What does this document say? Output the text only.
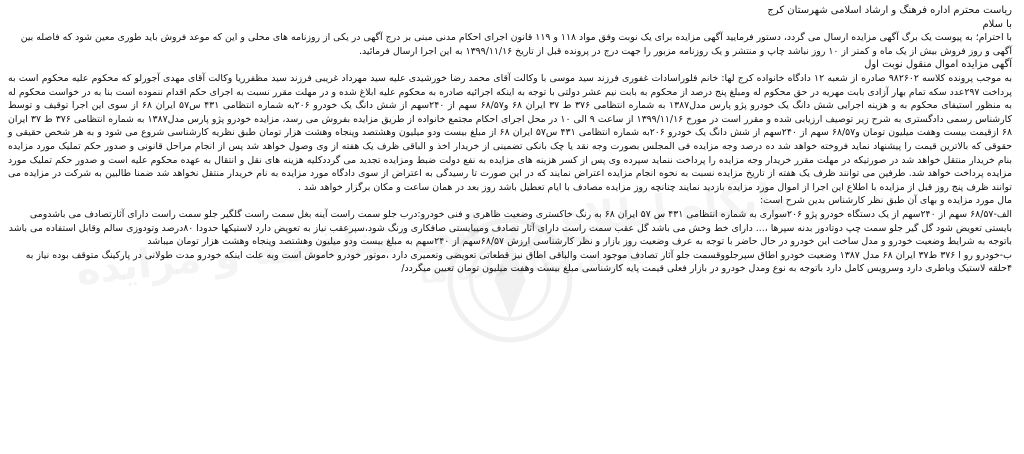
ریاست محترم اداره فرهنگ و ارشاد اسلامی شهرستان کرج

با سلام

با احترام؛ به پیوست یک برگ آگهی مزایده ارسال می گردد، دستور فرمایید آگهی مزایده برای یک نوبت وفق مواد ۱۱۸ و ۱۱۹ قانون اجرای احکام مدنی مبنی بر درج آگهی در یکی از روزنامه های محلی و این که موعد فروش باید طوری معین شود که فاصله بین آگهی و روز فروش بیش از یک ماه و کمتر از ۱۰ روز نباشد چاپ و منتشر و یک روزنامه مزبور را جهت درج در پرونده قبل از تاریخ ۱۳۹۹/۱۱/۱۶ به این اجرا ارسال فرمائید.

آگهی مزایده اموال منقول نوبت اول

به موجب پرونده کلاسه ۹۸۲۶۰۲ صادره از شعبه ۱۲ دادگاه خانواده کرج لها: خانم فلوراسادات غفوری فرزند سید موسی با وکالت آقای محمد رضا خورشیدی علیه سید مهرداد غریبی فرزند سید مظفرریا وکالت آقای مهدی آجورلو که محکوم علیه محکوم است به پرداخت ۲۹۷عدد سکه تمام بهار آزادی بابت مهریه در حق محکوم له ومبلغ پنج درصد از محکوم به بابت نیم عشر دولتی با توجه به اینکه اجرائیه صادره به محکوم علیه ابلاغ شده و در مهلت مقرر نسبت به اجرای حکم اقدام ننموده است بنا به در خواست محکوم له به منظور استیفای محکوم به و هزینه اجرایی شش دانگ یک خودرو پژو پارس مدل۱۳۸۷ به شماره انتظامی ۳۷۶ ط ۳۷ ایران ۶۸ و۶۸/۵۷ سهم از ۲۴۰سهم از شش دانگ یک خودرو ۲۰۶به شماره انتظامی ۴۳۱ س۵۷ ایران ۶۸ از سوی این اجرا توقیف و توسط کارشناس رسمی دادگستری به شرح زیر توصیف ارزیابی شده و مقرر است در مورخ ۱۳۹۹/۱۱/۱۶ از ساعت ۹ الی ۱۰ در محل اجرای احکام مجتمع خانواده از طریق مزایده بفروش می رسد، مزایده خودرو پژو پارس مدل۱۳۸۷ به شماره انتظامی ۳۷۶ ط ۳۷ ایران ۶۸ ازقیمت بیست وهفت میلیون تومان و۶۸/۵۷ سهم از ۲۴۰سهم از شش دانگ یک خودرو ۲۰۶به شماره انتظامی ۴۳۱ س۵۷ ایران ۶۸ از مبلغ بیست ودو میلیون وهشتصد وپنجاه وهشت هزار تومان طبق نظریه کارشناسی شروع می شود و به هر شخص حقیقی و حقوقی که بالاترین قیمت را پیشنهاد نماید فروخته خواهد شد ده درصد وجه مزایده فی المجلس بصورت وجه نقد یا چک بانکی تضمینی از خریدار اخذ و الباقی ظرف یک هفته از وی وصول خواهد شد پس از انجام مراحل قانونی و صدور حکم تملیک مورد مزایده بنام خریدار منتقل خواهد شد در صورتیکه در مهلت مقرر خریدار وجه مزایده را پرداخت ننماید سپرده وی پس از کسر هزینه های مزایده به نفع دولت ضبط ومزایده تجدید می گرددکلیه هزینه های نقل و انتقال به عهده محکوم علیه است و صدور حکم تملیک مورد مزایده پرداخت خواهد شد. طرفین می توانند ظرف یک هفته از تاریخ مزایده نسبت به نحوه انجام مزایده اعتراض نمایند که در این صورت تا رسیدگی به اعتراض از سوی دادگاه مورد مزایده به نام خریدار منتقل نخواهد شد ضمنا طالبین به شرکت در مزایده می توانند ظرف پنج روز قبل از مزایده با اطلاع این اجرا از اموال مورد مزایده بازدید نمایند چنانچه روز مزایده مصادف با ایام تعطیل باشد روز بعد در همان ساعت و مکان برگزار خواهد شد .

مال مورد مزایده و بهای آن طبق نظر کارشناس بدین شرح است:

الف-۶۸/۵۷ سهم از ۲۴۰سهم از یک دستگاه خودرو پژو ۲۰۶سواری به شماره انتظامی ۴۳۱ س ۵۷ ایران ۶۸ به رنگ خاکستری وضعیت ظاهری و فنی خودرو:درب جلو سمت راست آینه بغل سمت راست گلگیر جلو سمت راست دارای آثارتصادف می باشدومی بایستی تعویض شود گل گیر جلو سمت چپ دوتادور بدنه سپرها ،... دارای خط وخش می باشد گل عقب سمت راست دارای آثار تصادف ومیبایستی صافکاری ورنگ شود،سپرعقب نیاز به تعویض دارد لاستیکها حدودا ۸۰درصد وتودوزی سالم وقابل استفاده می باشد باتوجه به شرایط وضعیت خودرو و مدل ساخت این خودرو در حال حاضر با توجه به عرف وضعیت روز بازار و نظر کارشناسی ارزش ۶۸/۵۷سهم از ۲۴۰سهم به مبلغ بیست ودو میلیون وهشتصد وپنجاه وهشت هزار تومان میباشد

ب-خودرو رو ا ۳۷۶ ط۳۷ ایران ۶۸ مدل ۱۳۸۷ وضعیت خودرو اطاق سپرجلووقسمت جلو آثار تصادف موجود است والباقی اطاق نیز قطعاتی تعویضی وتعمیری دارد ،موتور خودرو خاموش است وبه علت اینکه خودرو مدت طولانی در پارکینگ متوقف بوده نیاز به ۴حلقه لاستیک وباطری دارد وسرویس کامل دارد باتوجه به نوع ومدل خودرو در بازار فعلی قیمت پایه کارشناسی مبلغ بیست وهفت میلیون تومان تعیین میگردد/
